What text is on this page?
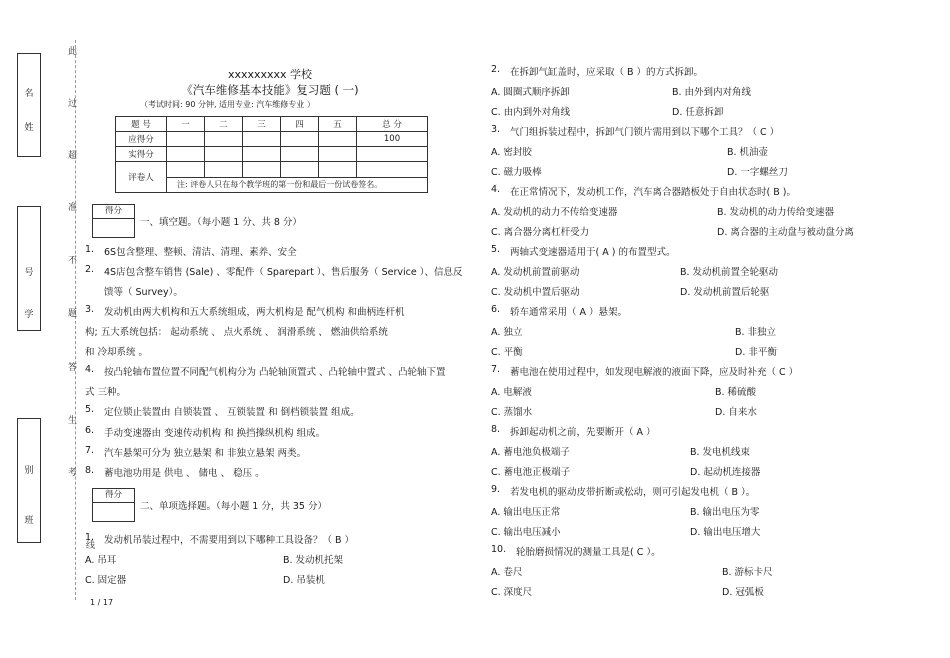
名
姓
号
学
别
班
此
过
超
准
不
题
答
生
考
线
xxxxxxxxx 学校
《汽车维修基本技能》复习题 ( 一)
（考试时间: 90 分钟, 适用专业: 汽车维修专业 ）
题 号	一	二	三	四	五	总 分
应得分						100
实得分						
评卷人						
	注: 评卷人只在每个教学班的第一份和最后一份试卷签名。					
得分
一、填空题。（每小题 1 分、共 8 分）
1. 6S包含整理、整顿、清洁、清理、素养、安全
2. 4S店包含整车销售 (Sale) 、零配件（ Sparepart ）、售后服务（ Service ）、信息反
馈等（ Survey）。
3. 发动机由两大机构和五大系统组成，两大机构是 配气机构 和曲柄连杆机
构; 五大系统包括： 起动系统 、 点火系统 、 润滑系统 、 燃油供给系统
和 冷却系统 。
4. 按凸轮轴布置位置不同配气机构分为 凸轮轴顶置式 、凸轮轴中置式 、凸轮轴下置
式 三种。
5. 定位锁止装置由 自锁装置 、 互锁装置 和 倒档锁装置 组成。
6. 手动变速器由 变速传动机构 和 换挡操纵机构 组成。
7. 汽车悬架可分为 独立悬架 和 非独立悬架 两类。
8. 蓄电池功用是 供电 、 储电 、 稳压 。
得分
二、单项选择题。（每小题 1 分，共 35 分）
1. 发动机吊装过程中，不需要用到以下哪种工具设备？（ B ）
A. 吊耳	B. 发动机托架
C. 固定器	D. 吊装机
2. 在拆卸气缸盖时，应采取（ B ）的方式拆卸。
A. 圆圈式顺序拆卸	B. 由外到内对角线
C. 由内到外对角线	D. 任意拆卸
3. 气门组拆装过程中，拆卸气门锁片需用到以下哪个工具？（ C ）
A. 密封胶	B. 机油壶
C. 磁力吸棒	D. 一字螺丝刀
4. 在正常情况下，发动机工作，汽车离合器踏板处于自由状态时( B )。
A. 发动机的动力不传给变速器	B. 发动机的动力传给变速器
C. 离合器分离杠杆受力	D. 离合器的主动盘与被动盘分离
5. 两轴式变速器适用于( A ) 的布置型式。
A. 发动机前置前驱动	B. 发动机前置全轮驱动
C. 发动机中置后驱动	D. 发动机前置后轮驱
6. 轿车通常采用（ A ）悬架。
A. 独立	B. 非独立
C. 平衡	D. 非平衡
7. 蓄电池在使用过程中，如发现电解液的液面下降，应及时补充（ C ）
A. 电解液	B. 稀硫酸
C. 蒸馏水	D. 自来水
8. 拆卸起动机之前，先要断开（ A ）
A. 蓄电池负极端子	B. 发电机线束
C. 蓄电池正极端子	D. 起动机连接器
9. 若发电机的驱动皮带折断或松动，则可引起发电机（ B ）。
A. 输出电压正常	B. 输出电压为零
C. 输出电压减小	D. 输出电压增大
10. 轮胎磨损情况的测量工具是( C ）。
A. 卷尺	B. 游标卡尺
C. 深度尺	D. 冠弧板
1 / 17
